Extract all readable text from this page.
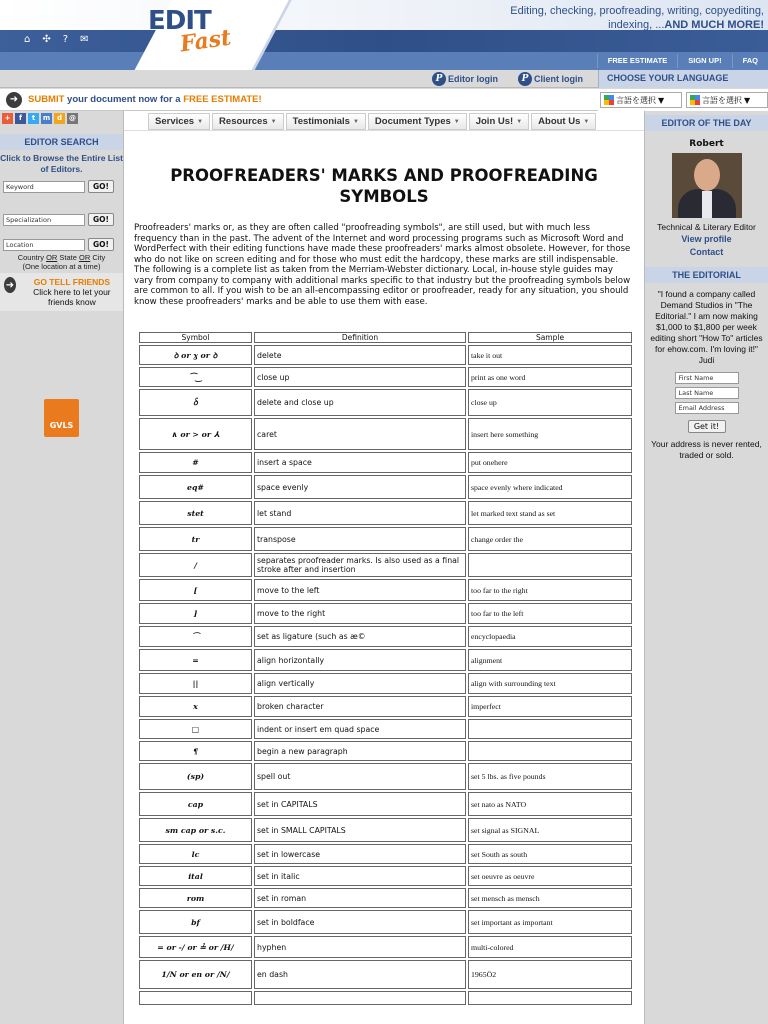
EDIT
Fast
Editing, checking, proofreading, writing, copyediting,
indexing, ...AND MUCH MORE!
⌂ ✣ ? ✉
FREE ESTIMATE	SIGN UP!	FAQ
P Editor login	P Client login	CHOOSE YOUR LANGUAGE
➜	SUBMIT your document now for a FREE ESTIMATE!	言語を選択 ▼	言語を選択 ▼
+	f	t	m d	@
EDITOR SEARCH
Click to Browse the Entire List of Editors.
Keyword	GO!
Specialization	GO!
Location	GO!
Country OR State OR City
(One location at a time)
➜	GO TELL FRIENDS
Click here to let your friends know
GVLS
Services ▼ Resources ▼ Testimonials ▼ Document Types ▼ Join Us! ▼ About Us ▼
PROOFREADERS' MARKS AND PROOFREADING SYMBOLS

Proofreaders' marks or, as they are often called "proofreading symbols", are still used, but with much less frequency than in the past. The advent of the Internet and word processing programs such as Microsoft Word and WordPerfect with their editing functions have made these proofreaders' marks almost obsolete. However, for those who do not like on screen editing and for those who must edit the hardcopy, these marks are still indispensable. The following is a complete list as taken from the Merriam-Webster dictionary. Local, in-house style guides may vary from company to company with additional marks specific to that industry but the proofreading symbols below are common to all. If you wish to be an all-encompassing editor or proofreader, ready for any situation, you should know these proofreaders' marks and be able to use them with ease.

Symbol	Definition	Sample
ꝺ or ɣ or ꝺ	delete	take it out
⁀‿	close up	print as one word
ꝺ̑	delete and close up	close up
∧ or > or ⅄	caret	insert here something
#	insert a space	put onehere
eq#	space evenly	space evenly where indicated
stet	let stand	let marked text stand as set
tr	transpose	change order the
/	separates proofreader marks. Is also used as a final stroke after and insertion	
[	move to the left	too far to the right
]	move to the right	too far to the left
⌒	set as ligature (such as æ©	encyclopaedia
=	align horizontally	alignment
||	align vertically	align with surrounding text
x	broken character	imperfect
□	indent or insert em quad space	
¶	begin a new paragraph	
(sp)	spell out	set 5 lbs. as five pounds
cap	set in CAPITALS	set nato as NATO
sm cap or s.c.	set in SMALL CAPITALS	set signal as SIGNAL
lc	set in lowercase	set South as south
ital	set in italic	set oeuvre as oeuvre
rom	set in roman	set mensch as mensch
bf	set in boldface	set important as important
= or -/ or ≟ or /H/	hyphen	multi-colored
1/N or en or /N/	en dash	1965Ö2

EDITOR OF THE DAY
Robert
Technical & Literary Editor
View profile
Contact
THE EDITORIAL
"I found a company called Demand Studios in "The Editorial." I am now making $1,000 to $1,800 per week editing short "How To" articles for ehow.com. I'm loving it!" Judi
First Name
Last Name
Email Address
Get it!
Your address is never rented, traded or sold.
